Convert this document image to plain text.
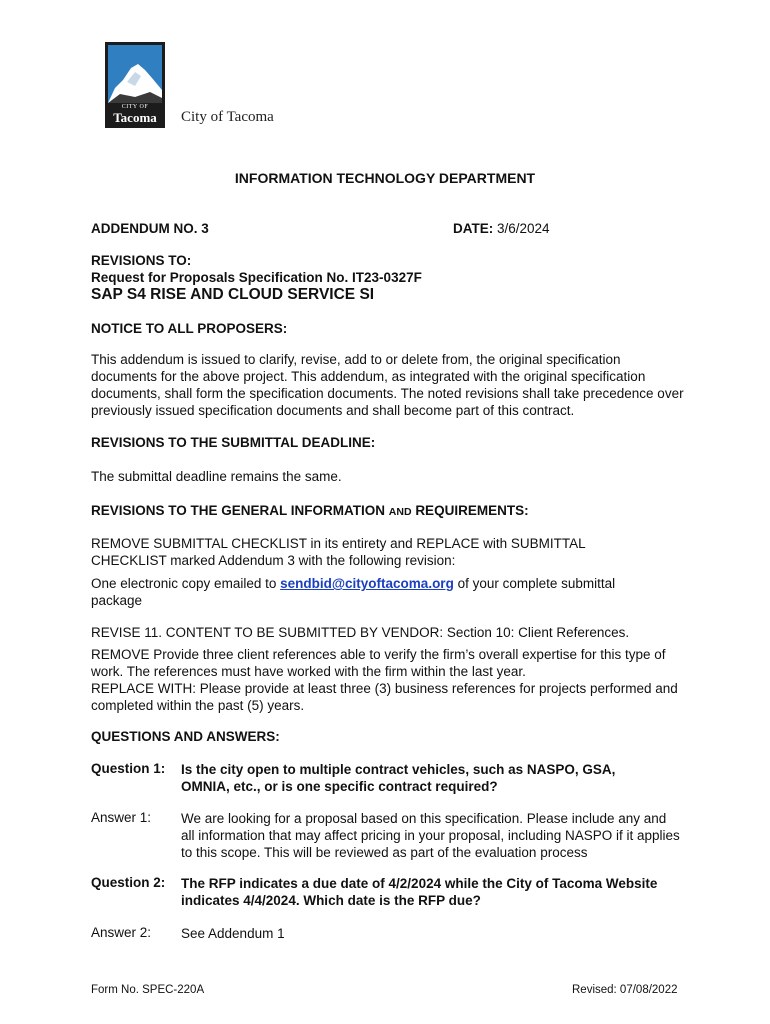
CITY OF
Tacoma	City of Tacoma
INFORMATION TECHNOLOGY DEPARTMENT
ADDENDUM NO. 3	DATE: 3/6/2024
REVISIONS TO:
Request for Proposals Specification No. IT23-0327F
SAP S4 RISE AND CLOUD SERVICE SI
NOTICE TO ALL PROPOSERS:
This addendum is issued to clarify, revise, add to or delete from, the original specification documents for the above project. This addendum, as integrated with the original specification documents, shall form the specification documents. The noted revisions shall take precedence over previously issued specification documents and shall become part of this contract.
REVISIONS TO THE SUBMITTAL DEADLINE:
The submittal deadline remains the same.
REVISIONS TO THE GENERAL INFORMATION AND REQUIREMENTS:
REMOVE SUBMITTAL CHECKLIST in its entirety and REPLACE with SUBMITTAL CHECKLIST marked Addendum 3 with the following revision:
One electronic copy emailed to sendbid@cityoftacoma.org of your complete submittal package
REVISE 11. CONTENT TO BE SUBMITTED BY VENDOR: Section 10: Client References.
REMOVE Provide three client references able to verify the firm’s overall expertise for this type of work. The references must have worked with the firm within the last year.
REPLACE WITH: Please provide at least three (3) business references for projects performed and completed within the past (5) years.
QUESTIONS AND ANSWERS:
Question 1: Is the city open to multiple contract vehicles, such as NASPO, GSA, OMNIA, etc., or is one specific contract required?
Answer 1: We are looking for a proposal based on this specification. Please include any and all information that may affect pricing in your proposal, including NASPO if it applies to this scope. This will be reviewed as part of the evaluation process
Question 2: The RFP indicates a due date of 4/2/2024 while the City of Tacoma Website indicates 4/4/2024. Which date is the RFP due?
Answer 2: See Addendum 1
Form No. SPEC-220A	Revised: 07/08/2022
